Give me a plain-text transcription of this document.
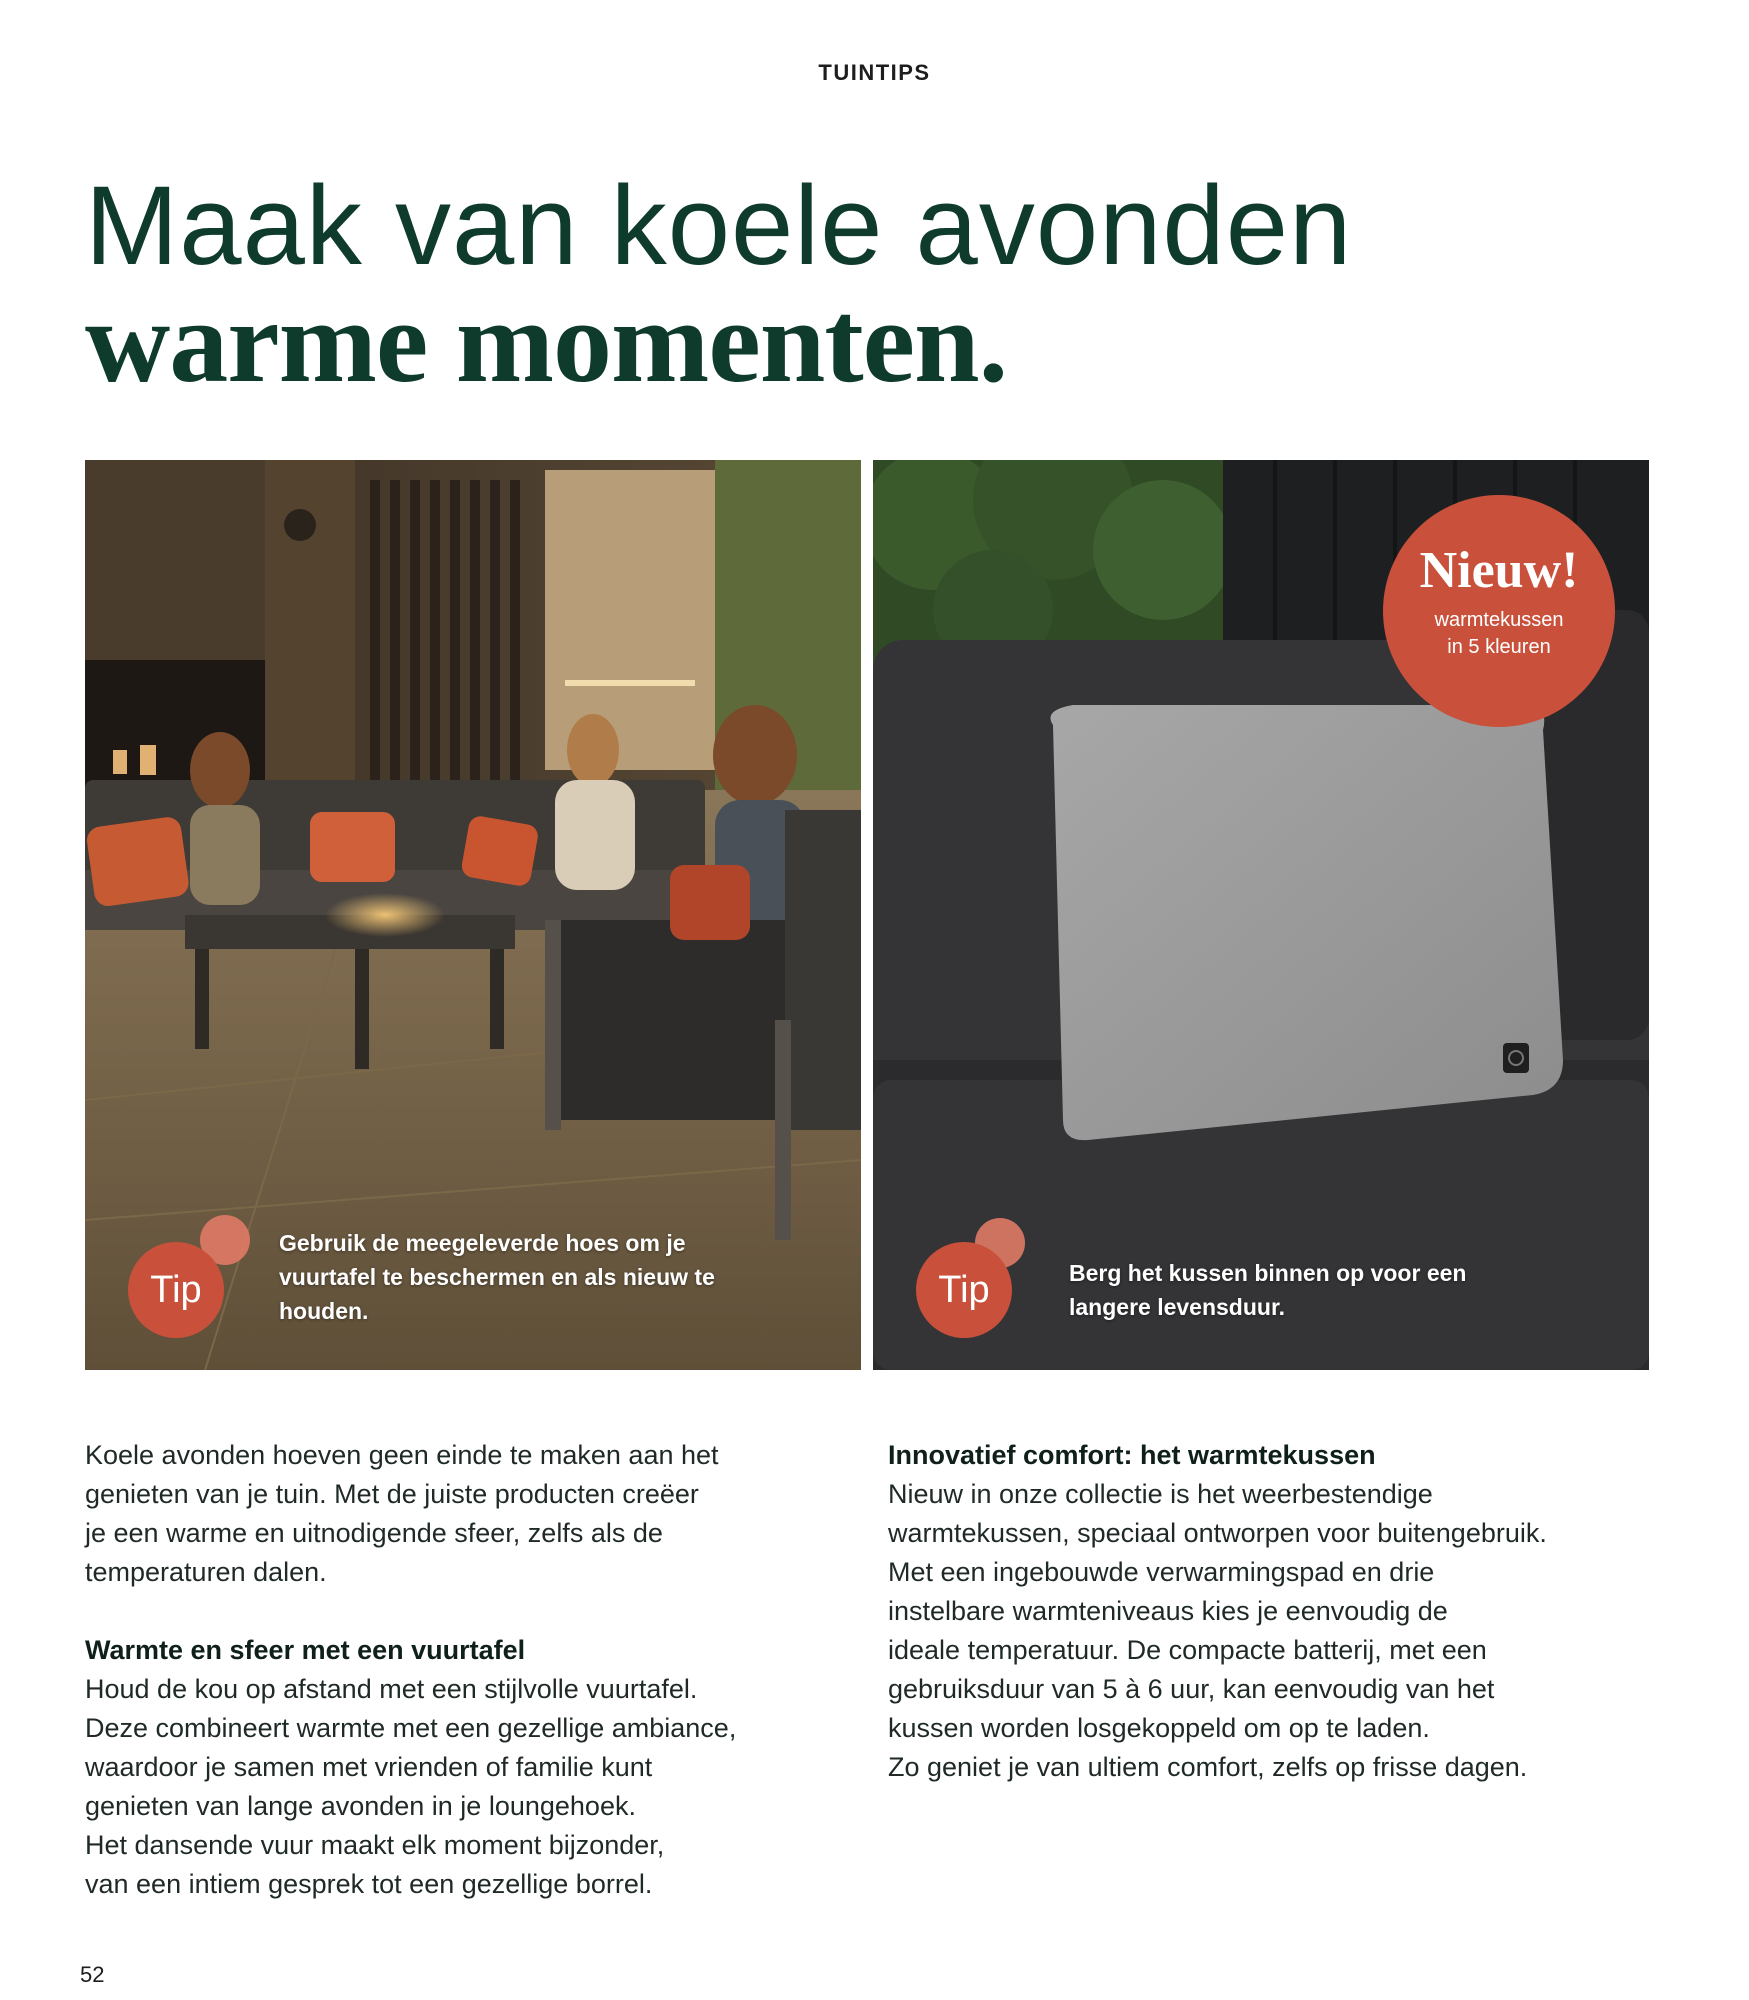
TUINTIPS
Maak van koele avonden
warme momenten.
Tip
Gebruik de meegeleverde hoes om je
vuurtafel te beschermen en als nieuw te
houden.
Nieuw!
warmtekussen
in 5 kleuren
Tip	Berg het kussen binnen op voor een
langere levensduur.

Koele avonden hoeven geen einde te maken aan het
genieten van je tuin. Met de juiste producten creëer
je een warme en uitnodigende sfeer, zelfs als de
temperaturen dalen.

Warmte en sfeer met een vuurtafel

Houd de kou op afstand met een stijlvolle vuurtafel.
Deze combineert warmte met een gezellige ambiance,
waardoor je samen met vrienden of familie kunt
genieten van lange avonden in je loungehoek.
Het dansende vuur maakt elk moment bijzonder,
van een intiem gesprek tot een gezellige borrel.

Innovatief comfort: het warmtekussen

Nieuw in onze collectie is het weerbestendige
warmtekussen, speciaal ontworpen voor buitengebruik.
Met een ingebouwde verwarmingspad en drie
instelbare warmteniveaus kies je eenvoudig de
ideale temperatuur. De compacte batterij, met een
gebruiksduur van 5 à 6 uur, kan eenvoudig van het
kussen worden losgekoppeld om op te laden.
Zo geniet je van ultiem comfort, zelfs op frisse dagen.

52
